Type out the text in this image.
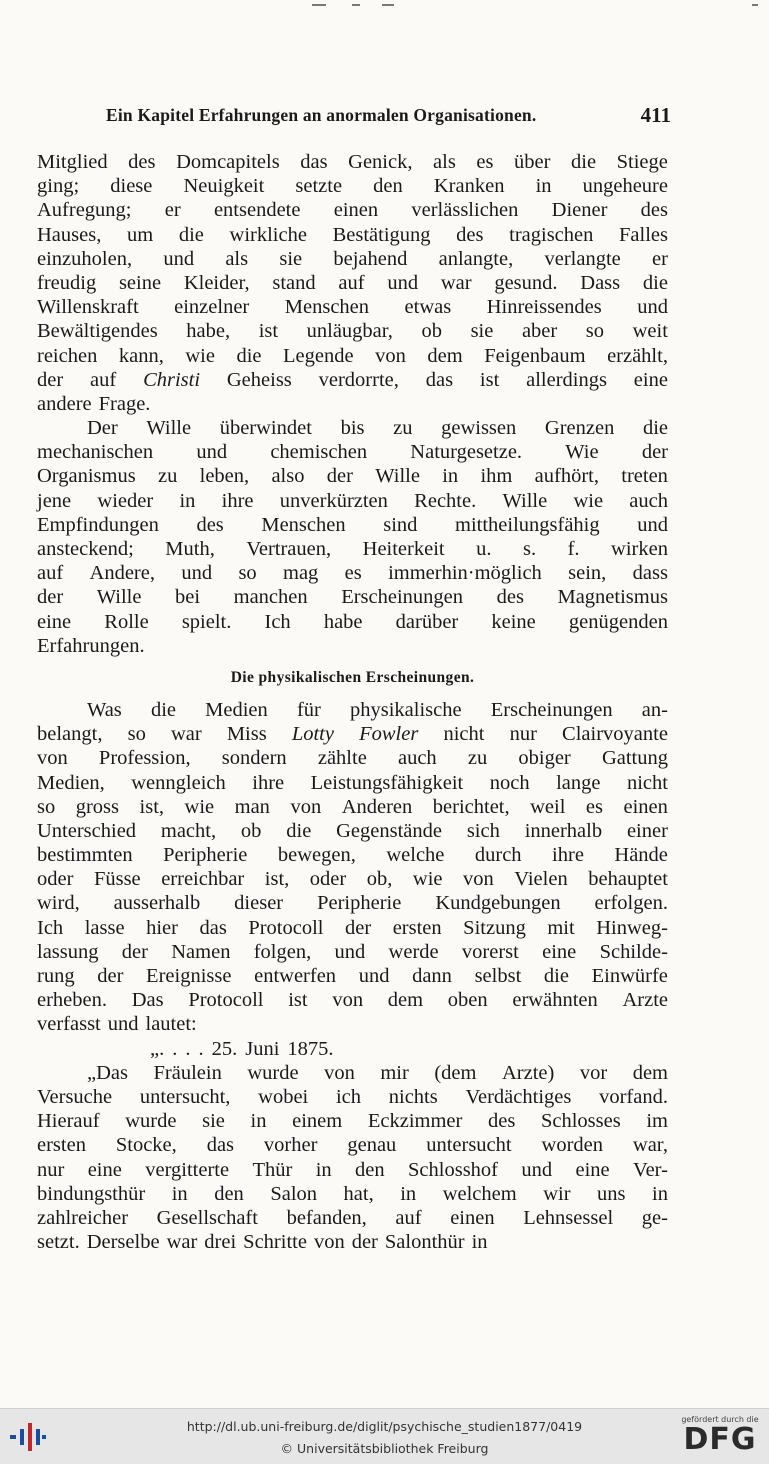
Ein Kapitel Erfahrungen an anormalen Organisationen.	411
Mitglied des Domcapitels das Genick, als es über die Stiege
ging; diese Neuigkeit setzte den Kranken in ungeheure
Aufregung; er entsendete einen verlässlichen Diener des
Hauses, um die wirkliche Bestätigung des tragischen Falles
einzuholen, und als sie bejahend anlangte, verlangte er
freudig seine Kleider, stand auf und war gesund. Dass die
Willenskraft einzelner Menschen etwas Hinreissendes und
Bewältigendes habe, ist unläugbar, ob sie aber so weit
reichen kann, wie die Legende von dem Feigenbaum erzählt,
der auf Christi Geheiss verdorrte, das ist allerdings eine
andere Frage.
Der Wille überwindet bis zu gewissen Grenzen die
mechanischen und chemischen Naturgesetze. Wie der
Organismus zu leben, also der Wille in ihm aufhört, treten
jene wieder in ihre unverkürzten Rechte. Wille wie auch
Empfindungen des Menschen sind mittheilungsfähig und
ansteckend; Muth, Vertrauen, Heiterkeit u. s. f. wirken
auf Andere, und so mag es immerhin·möglich sein, dass
der Wille bei manchen Erscheinungen des Magnetismus
eine Rolle spielt. Ich habe darüber keine genügenden
Erfahrungen.
Die physikalischen Erscheinungen.
Was die Medien für physikalische Erscheinungen an-
belangt, so war Miss Lotty Fowler nicht nur Clairvoyante
von Profession, sondern zählte auch zu obiger Gattung
Medien, wenngleich ihre Leistungsfähigkeit noch lange nicht
so gross ist, wie man von Anderen berichtet, weil es einen
Unterschied macht, ob die Gegenstände sich innerhalb einer
bestimmten Peripherie bewegen, welche durch ihre Hände
oder Füsse erreichbar ist, oder ob, wie von Vielen behauptet
wird, ausserhalb dieser Peripherie Kundgebungen erfolgen.
Ich lasse hier das Protocoll der ersten Sitzung mit Hinweg-
lassung der Namen folgen, und werde vorerst eine Schilde-
rung der Ereignisse entwerfen und dann selbst die Einwürfe
erheben. Das Protocoll ist von dem oben erwähnten Arzte
verfasst und lautet:
„. . . . 25. Juni 1875.
„Das Fräulein wurde von mir (dem Arzte) vor dem
Versuche untersucht, wobei ich nichts Verdächtiges vorfand.
Hierauf wurde sie in einem Eckzimmer des Schlosses im
ersten Stocke, das vorher genau untersucht worden war,
nur eine vergitterte Thür in den Schlosshof und eine Ver-
bindungsthür in den Salon hat, in welchem wir uns in
zahlreicher Gesellschaft befanden, auf einen Lehnsessel ge-
setzt. Derselbe war drei Schritte von der Salonthür in
http://dl.ub.uni-freiburg.de/diglit/psychische_studien1877/0419
© Universitätsbibliothek Freiburg
gefördert durch die
DFG
